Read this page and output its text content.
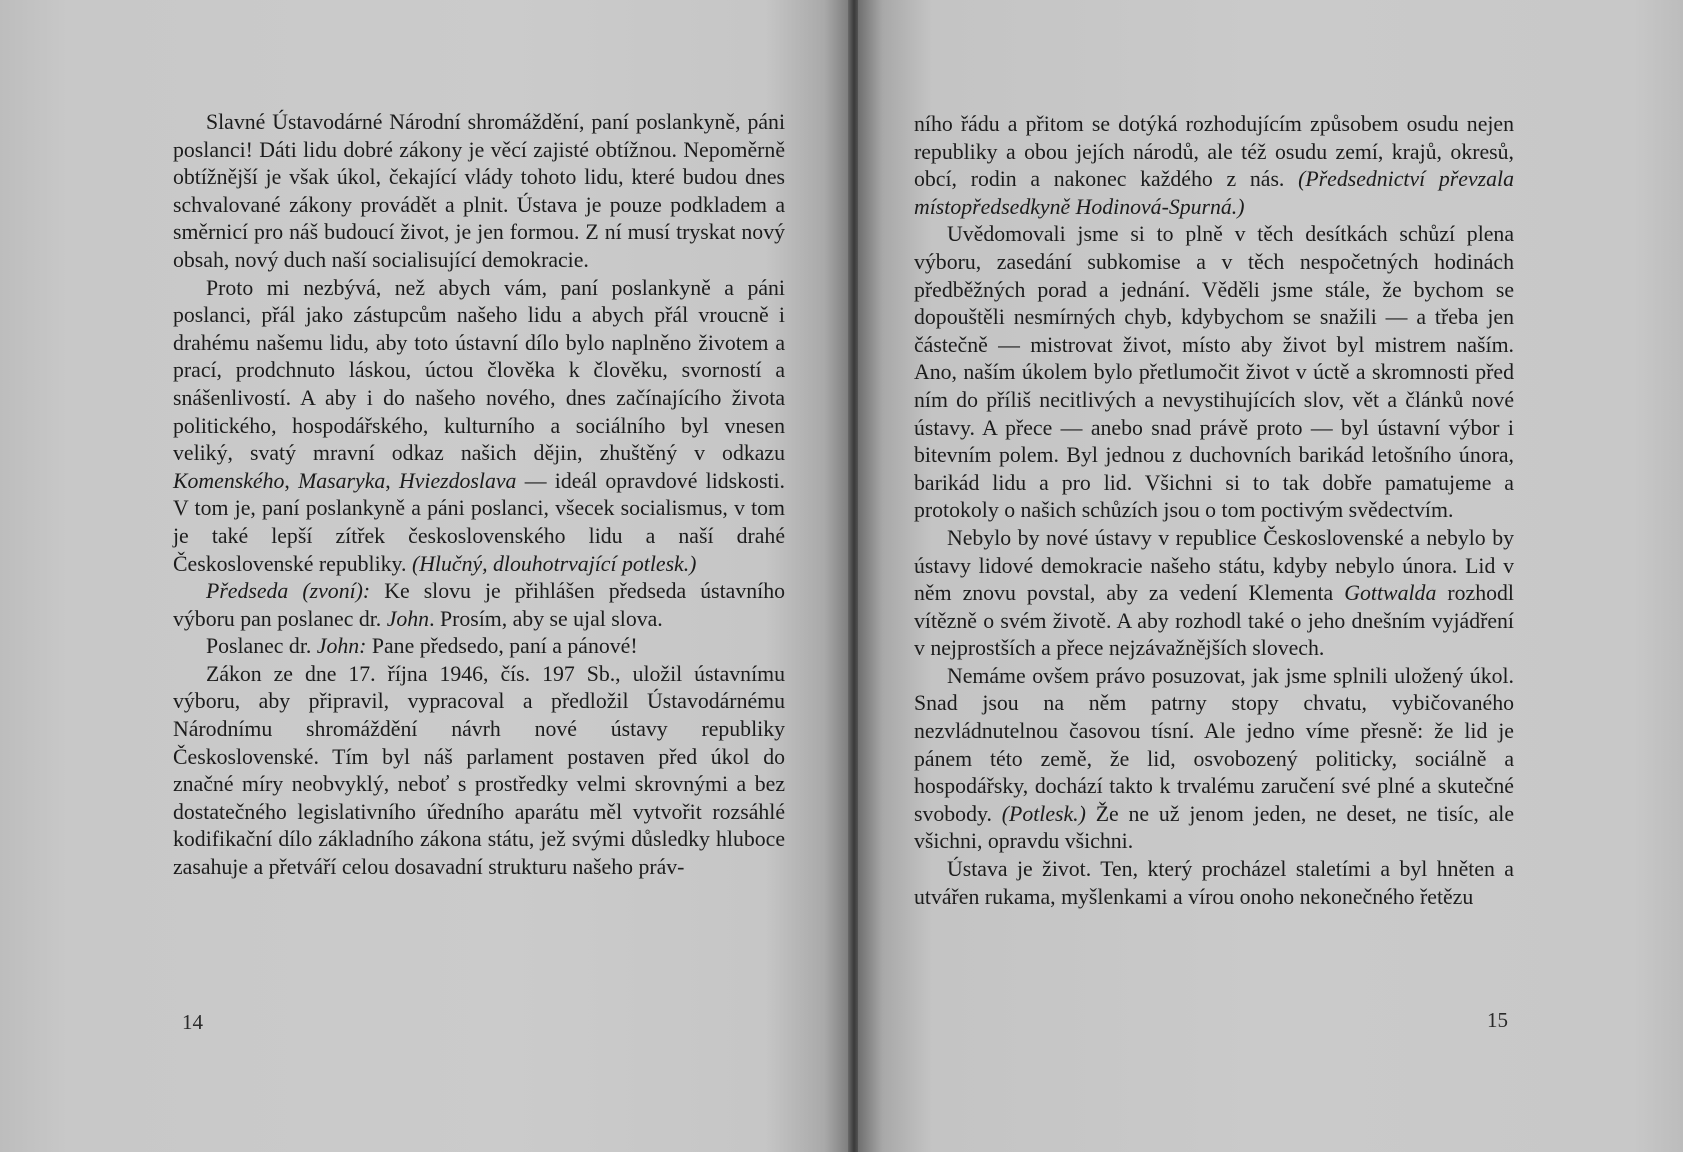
Slavné Ústavodárné Národní shromáždění, paní poslankyně, páni poslanci! Dáti lidu dobré zákony je věcí zajisté obtížnou. Nepoměrně obtížnější je však úkol, čekající vlády tohoto lidu, které budou dnes schvalované zákony provádět a plnit. Ústava je pouze podkladem a směrnicí pro náš budoucí život, je jen formou. Z ní musí tryskat nový obsah, nový duch naší socialisující demokracie.

Proto mi nezbývá, než abych vám, paní poslankyně a páni poslanci, přál jako zástupcům našeho lidu a abych přál vroucně i drahému našemu lidu, aby toto ústavní dílo bylo naplněno životem a prací, prodchnuto láskou, úctou člověka k člověku, svorností a snášenlivostí. A aby i do našeho nového, dnes začínajícího života politického, hospodářského, kulturního a sociálního byl vnesen veliký, svatý mravní odkaz našich dějin, zhuštěný v odkazu Komenského, Masaryka, Hviezdoslava — ideál opravdové lidskosti. V tom je, paní poslankyně a páni poslanci, všecek socialismus, v tom je také lepší zítřek československého lidu a naší drahé Československé republiky. (Hlučný, dlouhotrvající potlesk.)

Předseda (zvoní): Ke slovu je přihlášen předseda ústavního výboru pan poslanec dr. John. Prosím, aby se ujal slova.

Poslanec dr. John: Pane předsedo, paní a pánové!

Zákon ze dne 17. října 1946, čís. 197 Sb., uložil ústavnímu výboru, aby připravil, vypracoval a předložil Ústavodárnému Národnímu shromáždění návrh nové ústavy republiky Československé. Tím byl náš parlament postaven před úkol do značné míry neobvyklý, neboť s prostředky velmi skrovnými a bez dostatečného legislativního úředního aparátu měl vytvořit rozsáhlé kodifikační dílo základního zákona státu, jež svými důsledky hluboce zasahuje a přetváří celou dosavadní strukturu našeho práv-

14

ního řádu a přitom se dotýká rozhodujícím způsobem osudu nejen republiky a obou jejích národů, ale též osudu zemí, krajů, okresů, obcí, rodin a nakonec každého z nás. (Předsednictví převzala místopředsedkyně Hodinová-Spurná.)

Uvědomovali jsme si to plně v těch desítkách schůzí plena výboru, zasedání subkomise a v těch nespočetných hodinách předběžných porad a jednání. Věděli jsme stále, že bychom se dopouštěli nesmírných chyb, kdybychom se snažili — a třeba jen částečně — mistrovat život, místo aby život byl mistrem naším. Ano, naším úkolem bylo přetlumočit život v úctě a skromnosti před ním do příliš necitlivých a nevystihujících slov, vět a článků nové ústavy. A přece — anebo snad právě proto — byl ústavní výbor i bitevním polem. Byl jednou z duchovních barikád letošního února, barikád lidu a pro lid. Všichni si to tak dobře pamatujeme a protokoly o našich schůzích jsou o tom poctivým svědectvím.

Nebylo by nové ústavy v republice Československé a nebylo by ústavy lidové demokracie našeho státu, kdyby nebylo února. Lid v něm znovu povstal, aby za vedení Klementa Gottwalda rozhodl vítězně o svém životě. A aby rozhodl také o jeho dnešním vyjádření v nejprostších a přece nejzávažnějších slovech.

Nemáme ovšem právo posuzovat, jak jsme splnili uložený úkol. Snad jsou na něm patrny stopy chvatu, vybičovaného nezvládnutelnou časovou tísní. Ale jedno víme přesně: že lid je pánem této země, že lid, osvobozený politicky, sociálně a hospodářsky, dochází takto k trvalému zaručení své plné a skutečné svobody. (Potlesk.) Že ne už jenom jeden, ne deset, ne tisíc, ale všichni, opravdu všichni.

Ústava je život. Ten, který procházel staletími a byl hněten a utvářen rukama, myšlenkami a vírou onoho nekonečného řetězu

15
